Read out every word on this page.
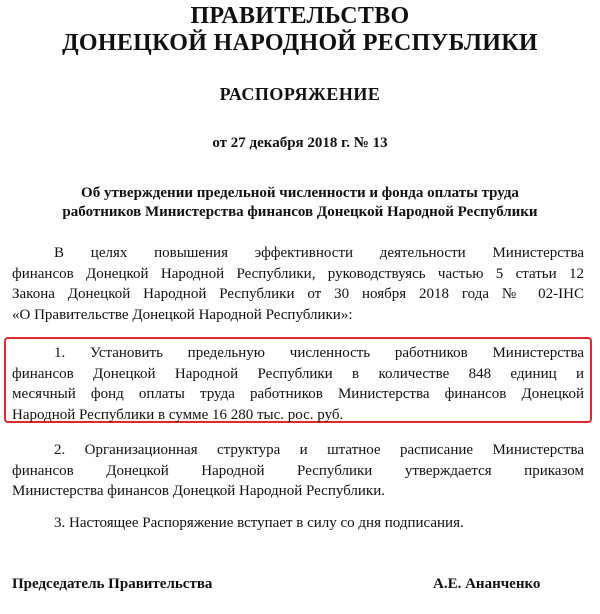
ПРАВИТЕЛЬСТВО

ДОНЕЦКОЙ НАРОДНОЙ РЕСПУБЛИКИ

РАСПОРЯЖЕНИЕ

от 27 декабря 2018 г. № 13

Об утверждении предельной численности и фонда оплаты труда

работников Министерства финансов Донецкой Народной Республики

В целях повышения эффективности деятельности Министерства
финансов Донецкой Народной Республики, руководствуясь частью 5 статьи 12
Закона Донецкой Народной Республики от 30 ноября 2018 года № 02-ІНС
«О Правительстве Донецкой Народной Республики»:
1. Установить предельную численность работников Министерства
финансов Донецкой Народной Республики в количестве 848 единиц и
месячный фонд оплаты труда работников Министерства финансов Донецкой
Народной Республики в сумме 16 280 тыс. рос. руб.
2. Организационная структура и штатное расписание Министерства
финансов Донецкой Народной Республики утверждается приказом
Министерства финансов Донецкой Народной Республики.
3. Настоящее Распоряжение вступает в силу со дня подписания.
Председатель Правительства	А.Е. Ананченко
